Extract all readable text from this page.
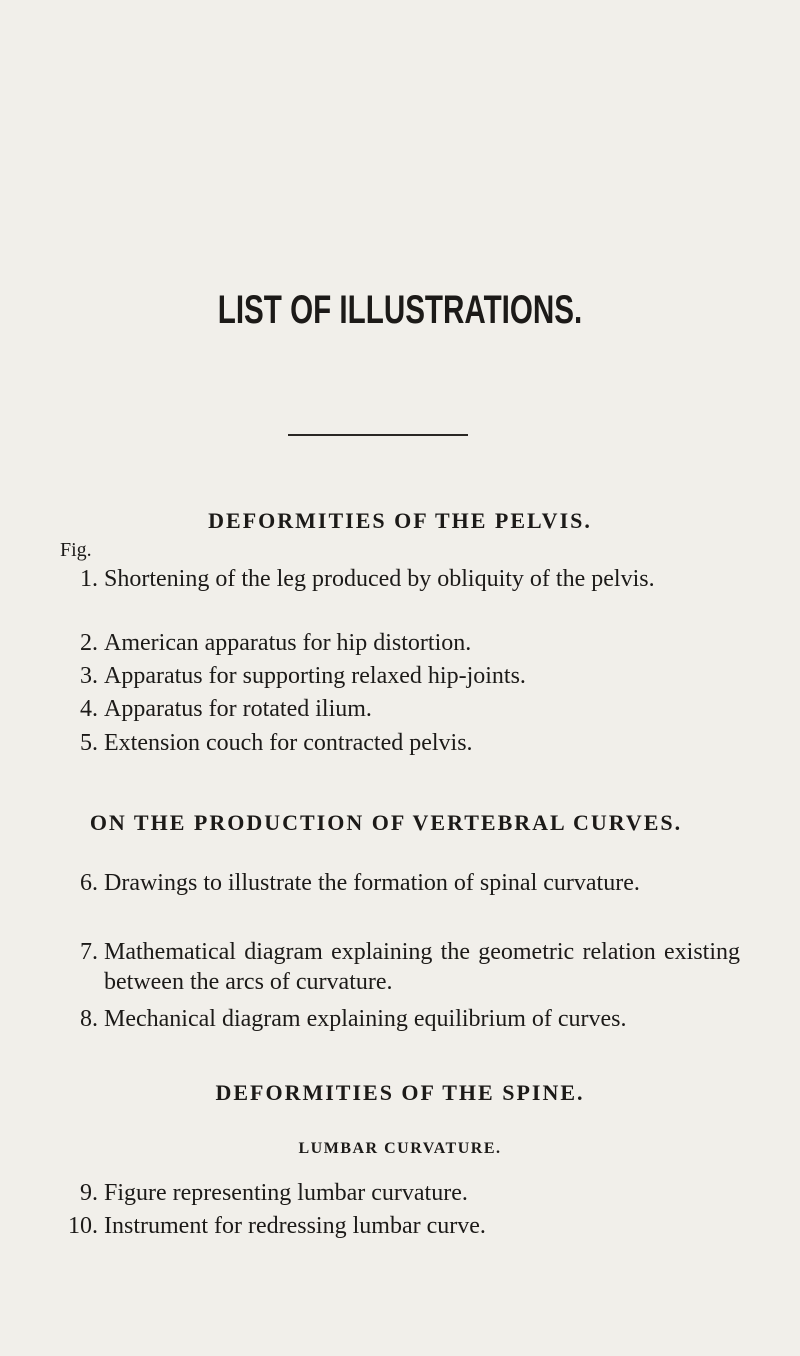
LIST OF ILLUSTRATIONS.
DEFORMITIES OF THE PELVIS.
Fig.
1. Shortening of the leg produced by obliquity of the pelvis.
2. American apparatus for hip distortion.
3. Apparatus for supporting relaxed hip-joints.
4. Apparatus for rotated ilium.
5. Extension couch for contracted pelvis.
ON THE PRODUCTION OF VERTEBRAL CURVES.
6. Drawings to illustrate the formation of spinal curvature.
7. Mathematical diagram explaining the geometric relation existing between the arcs of curvature.
8. Mechanical diagram explaining equilibrium of curves.
DEFORMITIES OF THE SPINE.
LUMBAR CURVATURE.
9. Figure representing lumbar curvature.
10. Instrument for redressing lumbar curve.
